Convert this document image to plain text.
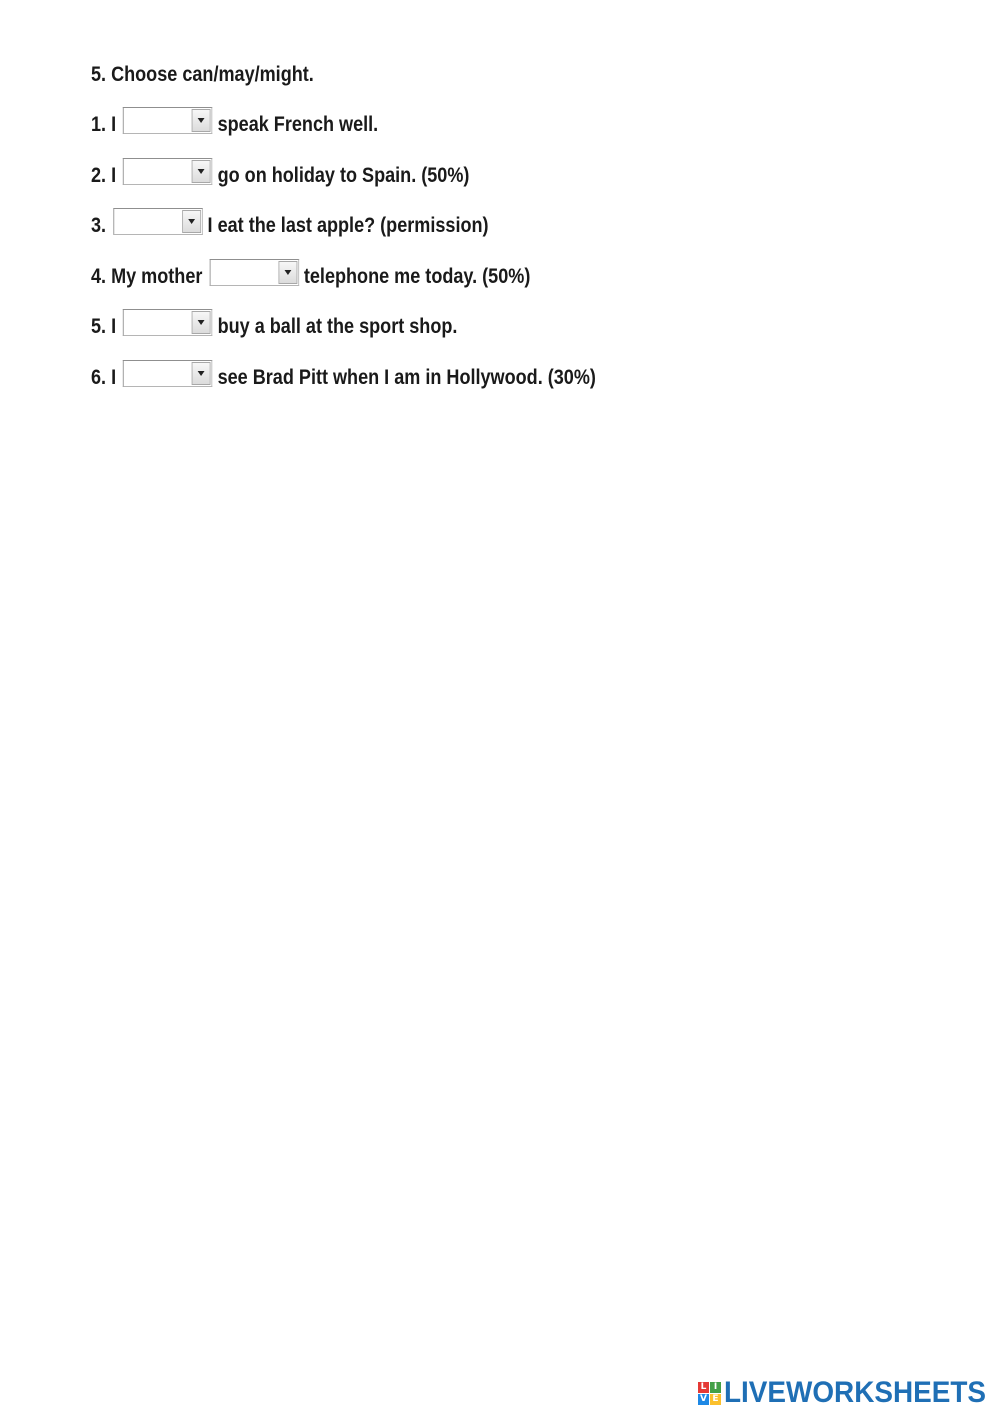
5. Choose can/may/might.
1. I	speak French well.
2. I	go on holiday to Spain. (50%)
3.	I eat the last apple? (permission)
4. My mother	telephone me today. (50%)
5. I	buy a ball at the sport shop.
6. I	see Brad Pitt when I am in Hollywood. (30%)
L I
V E LIVEWORKSHEETS
